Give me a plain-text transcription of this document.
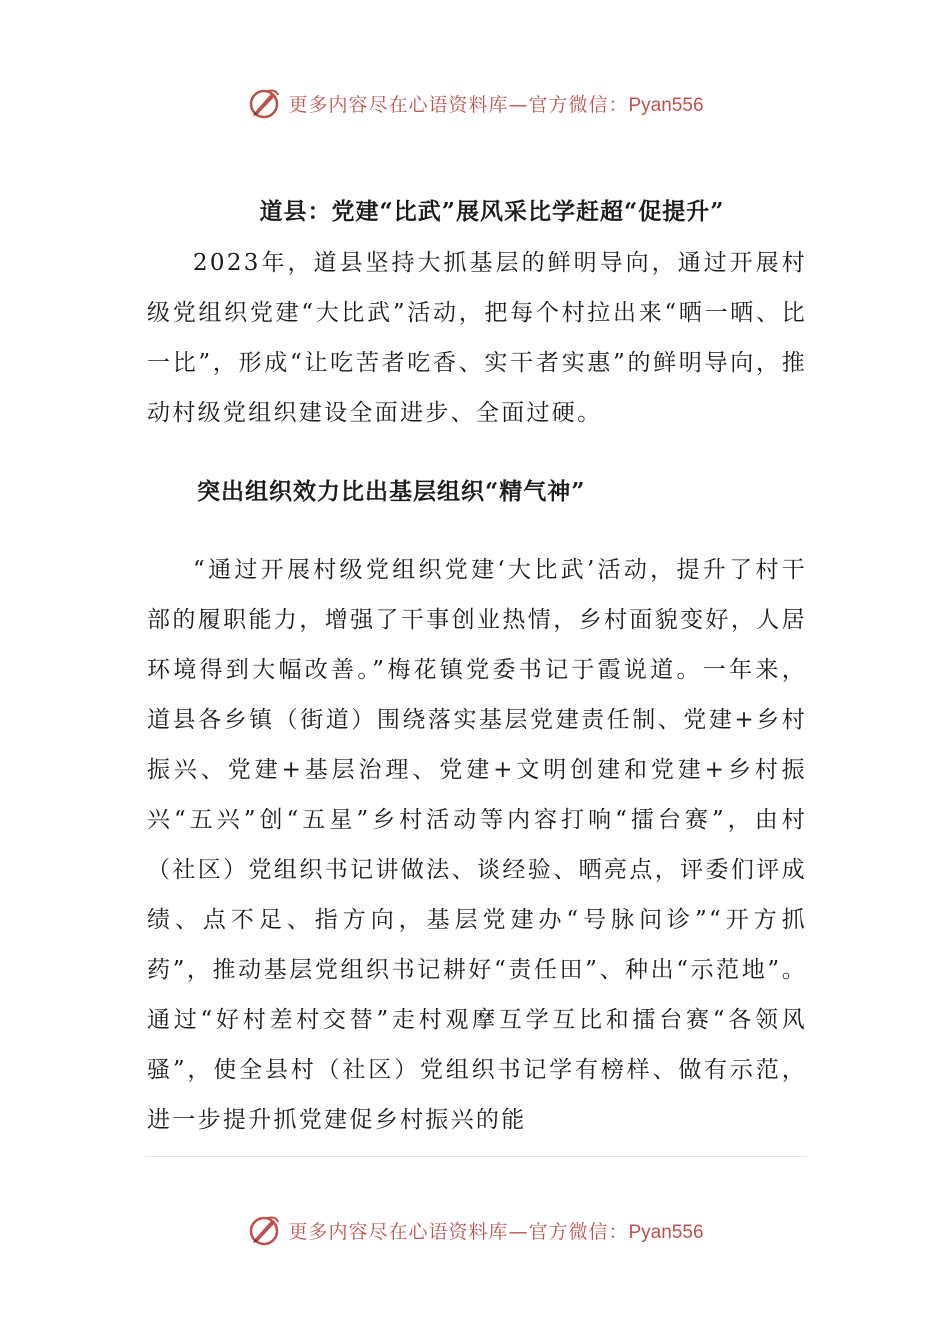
更多内容尽在心语资料库—官方微信：Pyan556
道县：党建“比武”展风采比学赶超“促提升”

2023年，道县坚持大抓基层的鲜明导向，通过开展村级党组织党建“大比武”活动，把每个村拉出来“晒一晒、比一比”，形成“让吃苦者吃香、实干者实惠”的鲜明导向，推动村级党组织建设全面进步、全面过硬。

突出组织效力比出基层组织“精气神”

“通过开展村级党组织党建‘大比武’活动，提升了村干部的履职能力，增强了干事创业热情，乡村面貌变好，人居环境得到大幅改善。”梅花镇党委书记于霞说道。一年来，道县各乡镇（街道）围绕落实基层党建责任制、党建+乡村振兴、党建+基层治理、党建+文明创建和党建+乡村振兴“五兴”创“五星”乡村活动等内容打响“擂台赛”，由村（社区）党组织书记讲做法、谈经验、晒亮点，评委们评成绩、点不足、指方向，基层党建办“号脉问诊”“开方抓药”，推动基层党组织书记耕好“责任田”、种出“示范地”。通过“好村差村交替”走村观摩互学互比和擂台赛“各领风骚”，使全县村（社区）党组织书记学有榜样、做有示范，进一步提升抓党建促乡村振兴的能

更多内容尽在心语资料库—官方微信：Pyan556
